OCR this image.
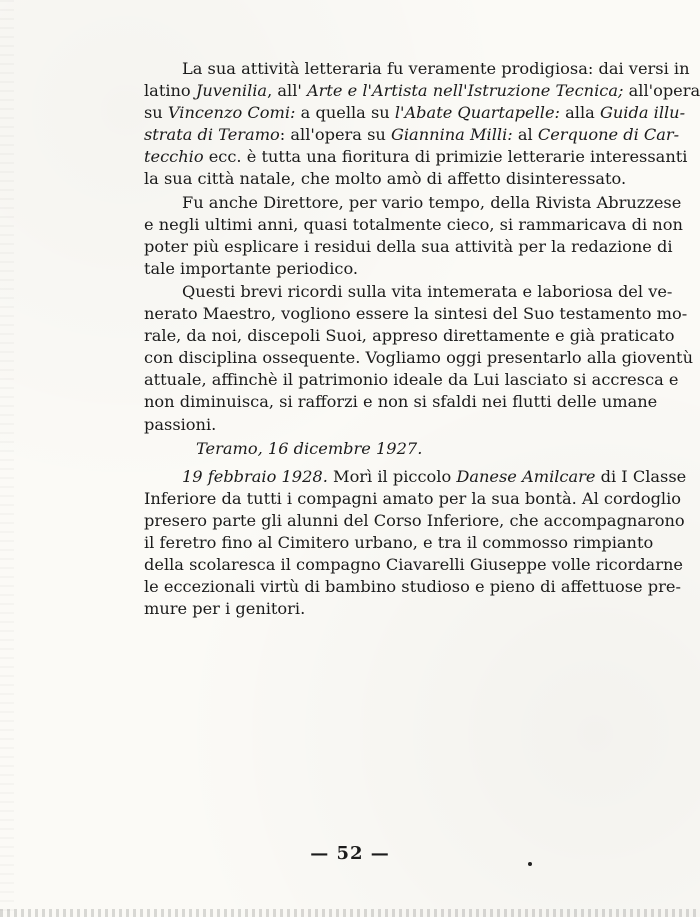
La sua attività letteraria fu veramente prodigiosa: dai versi in
latino Juvenilia, all' Arte e l'Artista nell'Istruzione Tecnica; all'opera
su Vincenzo Comi: a quella su l'Abate Quartapelle: alla Guida illu-
strata di Teramo: all'opera su Giannina Milli: al Cerquone di Car-
tecchio ecc. è tutta una fioritura di primizie letterarie interessanti
la sua città natale, che molto amò di affetto disinteressato.
Fu anche Direttore, per vario tempo, della Rivista Abruzzese
e negli ultimi anni, quasi totalmente cieco, si rammaricava di non
poter più esplicare i residui della sua attività per la redazione di
tale importante periodico.
Questi brevi ricordi sulla vita intemerata e laboriosa del ve-
nerato Maestro, vogliono essere la sintesi del Suo testamento mo-
rale, da noi, discepoli Suoi, appreso direttamente e già praticato
con disciplina ossequente. Vogliamo oggi presentarlo alla gioventù
attuale, affinchè il patrimonio ideale da Lui lasciato si accresca e
non diminuisca, si rafforzi e non si sfaldi nei flutti delle umane
passioni.
Teramo, 16 dicembre 1927.
19 febbraio 1928. Morì il piccolo Danese Amilcare di I Classe
Inferiore da tutti i compagni amato per la sua bontà. Al cordoglio
presero parte gli alunni del Corso Inferiore, che accompagnarono
il feretro fino al Cimitero urbano, e tra il commosso rimpianto
della scolaresca il compagno Ciavarelli Giuseppe volle ricordarne
le eccezionali virtù di bambino studioso e pieno di affettuose pre-
mure per i genitori.
— 52 —
